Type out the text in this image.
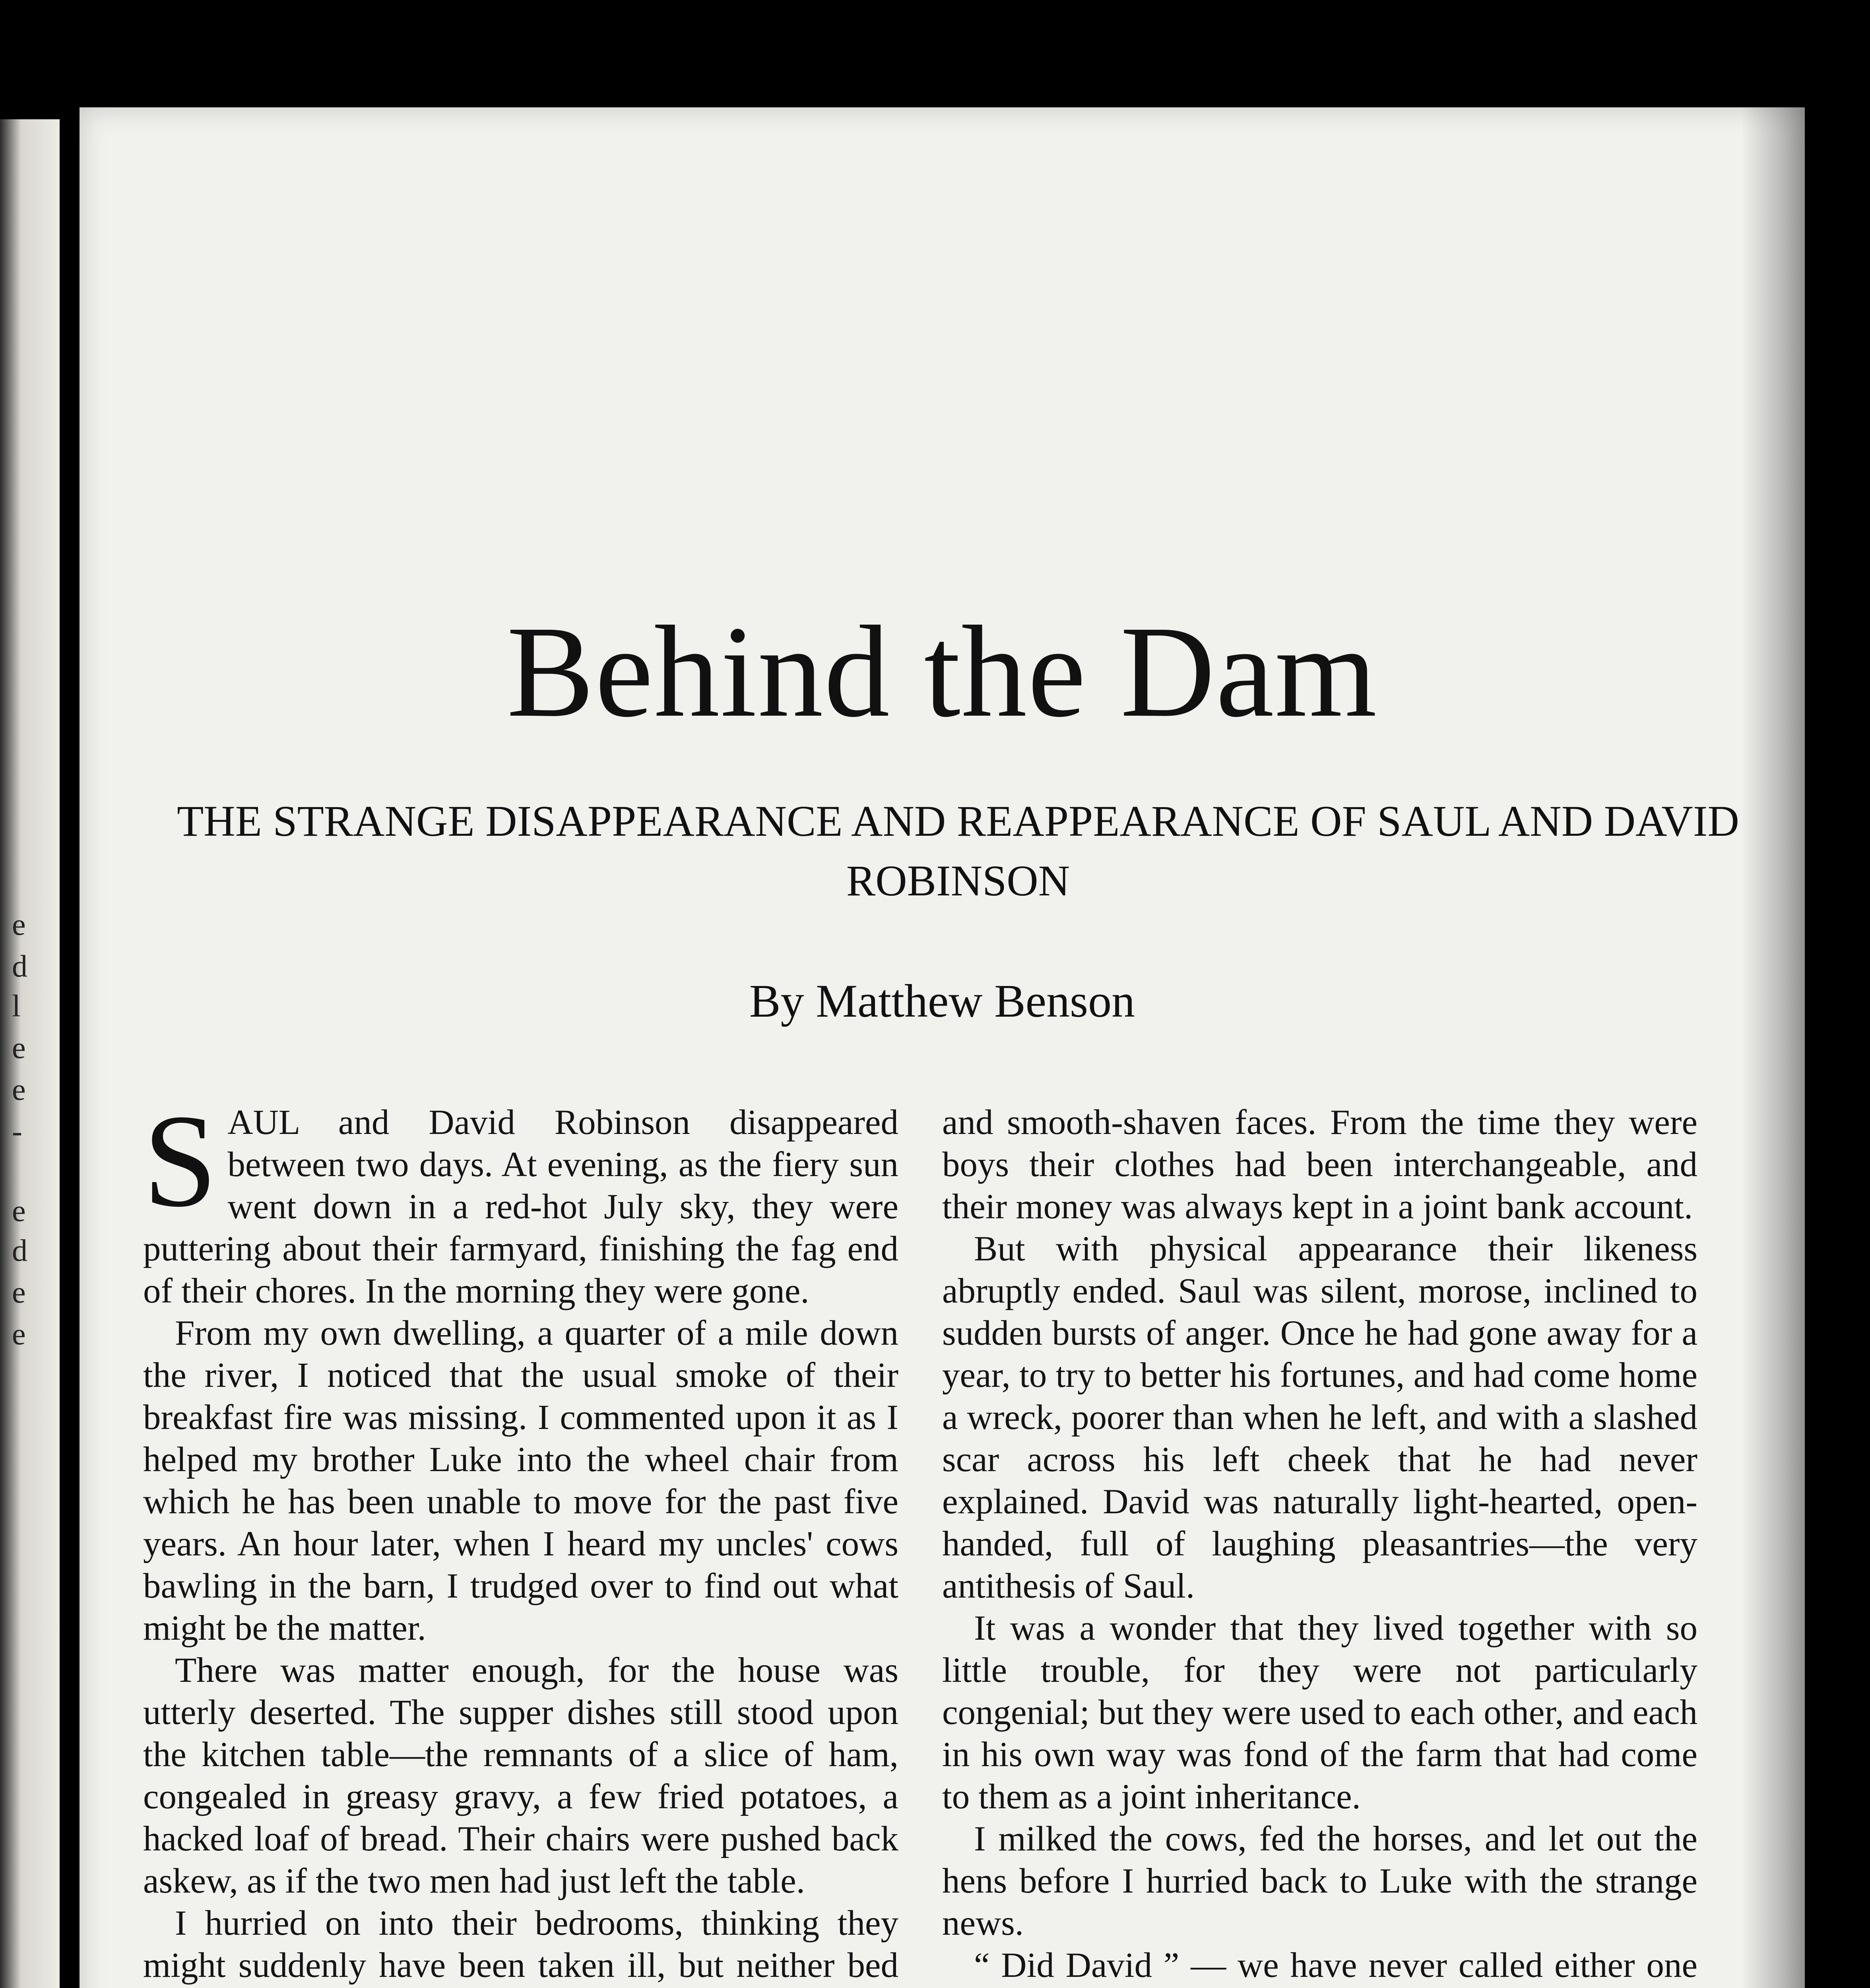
e
d
l
e
e
-
e
d
e
e
Behind the Dam
THE STRANGE DISAPPEARANCE AND REAPPEARANCE OF SAUL AND DAVID ROBINSON
By Matthew Benson

SAUL and David Robinson disappeared between two days. At evening, as the fiery sun went down in a red-hot July sky, they were puttering about their farmyard, finishing the fag end of their chores. In the morning they were gone.

From my own dwelling, a quarter of a mile down the river, I noticed that the usual smoke of their breakfast fire was missing. I commented upon it as I helped my brother Luke into the wheel chair from which he has been unable to move for the past five years. An hour later, when I heard my uncles' cows bawling in the barn, I trudged over to find out what might be the matter.

There was matter enough, for the house was utterly deserted. The supper dishes still stood upon the kitchen table—the remnants of a slice of ham, congealed in greasy gravy, a few fried potatoes, a hacked loaf of bread. Their chairs were pushed back askew, as if the two men had just left the table.

I hurried on into their bedrooms, thinking they might suddenly have been taken ill, but neither bed

and smooth-shaven faces. From the time they were boys their clothes had been interchangeable, and their money was always kept in a joint bank account.

But with physical appearance their likeness abruptly ended. Saul was silent, morose, inclined to sudden bursts of anger. Once he had gone away for a year, to try to better his fortunes, and had come home a wreck, poorer than when he left, and with a slashed scar across his left cheek that he had never explained. David was naturally light-hearted, open-handed, full of laughing pleasantries—the very antithesis of Saul.

It was a wonder that they lived together with so little trouble, for they were not particularly congenial; but they were used to each other, and each in his own way was fond of the farm that had come to them as a joint inheritance.

I milked the cows, fed the horses, and let out the hens before I hurried back to Luke with the strange news.

“ Did David ” — we have never called either one
